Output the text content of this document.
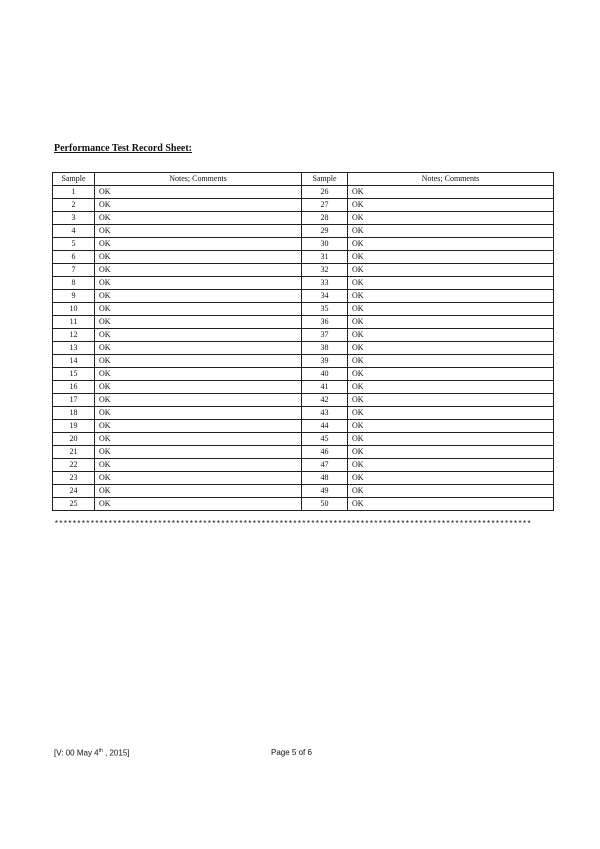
Performance Test Record Sheet:
Sample	Notes; Comments	Sample	Notes; Comments
1	OK	26	OK
2	OK	27	OK
3	OK	28	OK
4	OK	29	OK
5	OK	30	OK
6	OK	31	OK
7	OK	32	OK
8	OK	33	OK
9	OK	34	OK
10	OK	35	OK
11	OK	36	OK
12	OK	37	OK
13	OK	38	OK
14	OK	39	OK
15	OK	40	OK
16	OK	41	OK
17	OK	42	OK
18	OK	43	OK
19	OK	44	OK
20	OK	45	OK
21	OK	46	OK
22	OK	47	OK
23	OK	48	OK
24	OK	49	OK
25	OK	50	OK
**********************************************************************************************************
[V: 00 May 4th , 2015]	Page 5 of 6
